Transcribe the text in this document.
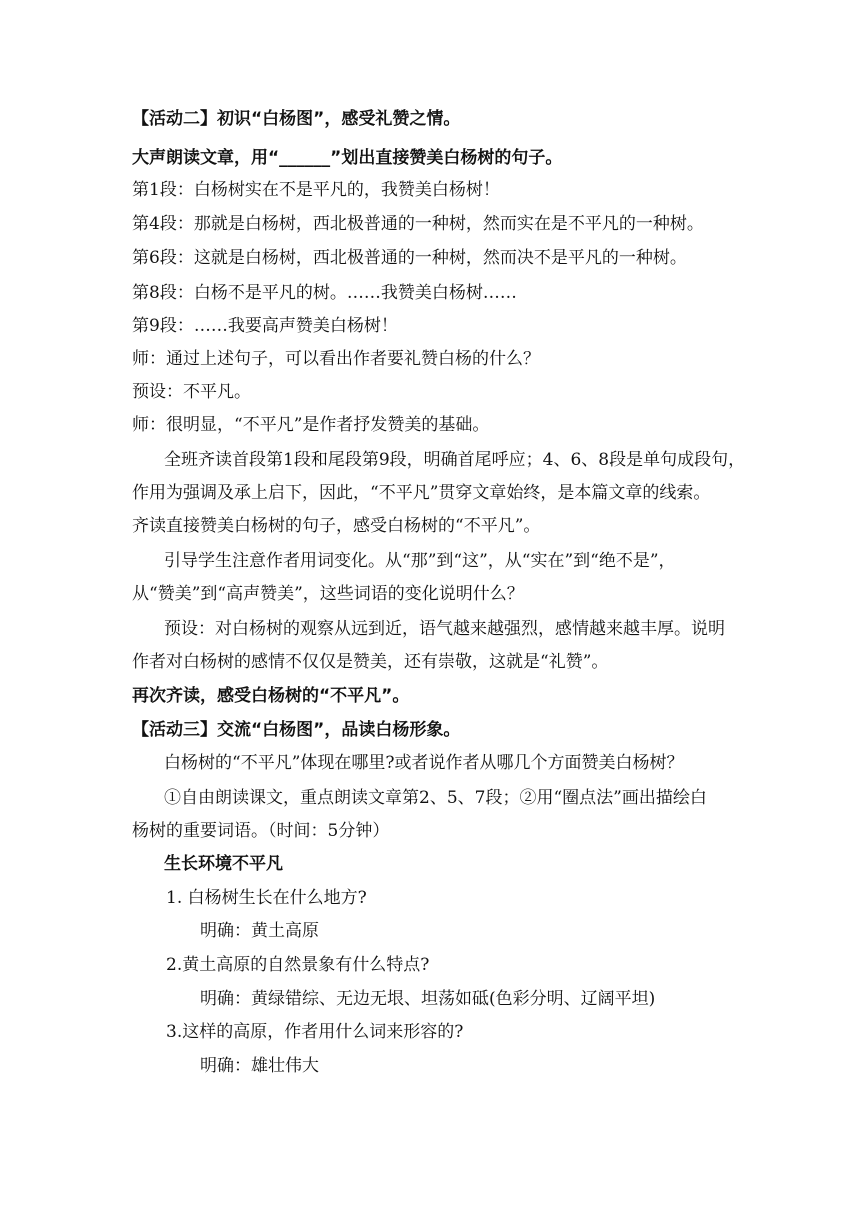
【活动二】初识“白杨图”，感受礼赞之情。
大声朗读文章，用“______”划出直接赞美白杨树的句子。
第1段：白杨树实在不是平凡的，我赞美白杨树！
第4段：那就是白杨树，西北极普通的一种树，然而实在是不平凡的一种树。
第6段：这就是白杨树，西北极普通的一种树，然而决不是平凡的一种树。
第8段：白杨不是平凡的树。……我赞美白杨树……
第9段：……我要高声赞美白杨树！
师：通过上述句子，可以看出作者要礼赞白杨的什么？
预设：不平凡。
师：很明显，“不平凡”是作者抒发赞美的基础。
全班齐读首段第1段和尾段第9段，明确首尾呼应；4、6、8段是单句成段句，
作用为强调及承上启下，因此，“不平凡”贯穿文章始终，是本篇文章的线索。
齐读直接赞美白杨树的句子，感受白杨树的“不平凡”。
引导学生注意作者用词变化。从“那”到“这”，从“实在”到“绝不是”，
从“赞美”到“高声赞美”，这些词语的变化说明什么？
预设：对白杨树的观察从远到近，语气越来越强烈，感情越来越丰厚。说明
作者对白杨树的感情不仅仅是赞美，还有崇敬，这就是“礼赞”。
再次齐读，感受白杨树的“不平凡”。
【活动三】交流“白杨图”，品读白杨形象。
白杨树的“不平凡”体现在哪里?或者说作者从哪几个方面赞美白杨树？
①自由朗读课文，重点朗读文章第2、5、7段；②用“圈点法”画出描绘白
杨树的重要词语。（时间：5分钟）
生长环境不平凡
1. 白杨树生长在什么地方?
明确：黄土高原
2.黄土高原的自然景象有什么特点?
明确：黄绿错综、无边无垠、坦荡如砥(色彩分明、辽阔平坦)
3.这样的高原，作者用什么词来形容的?
明确：雄壮伟大
